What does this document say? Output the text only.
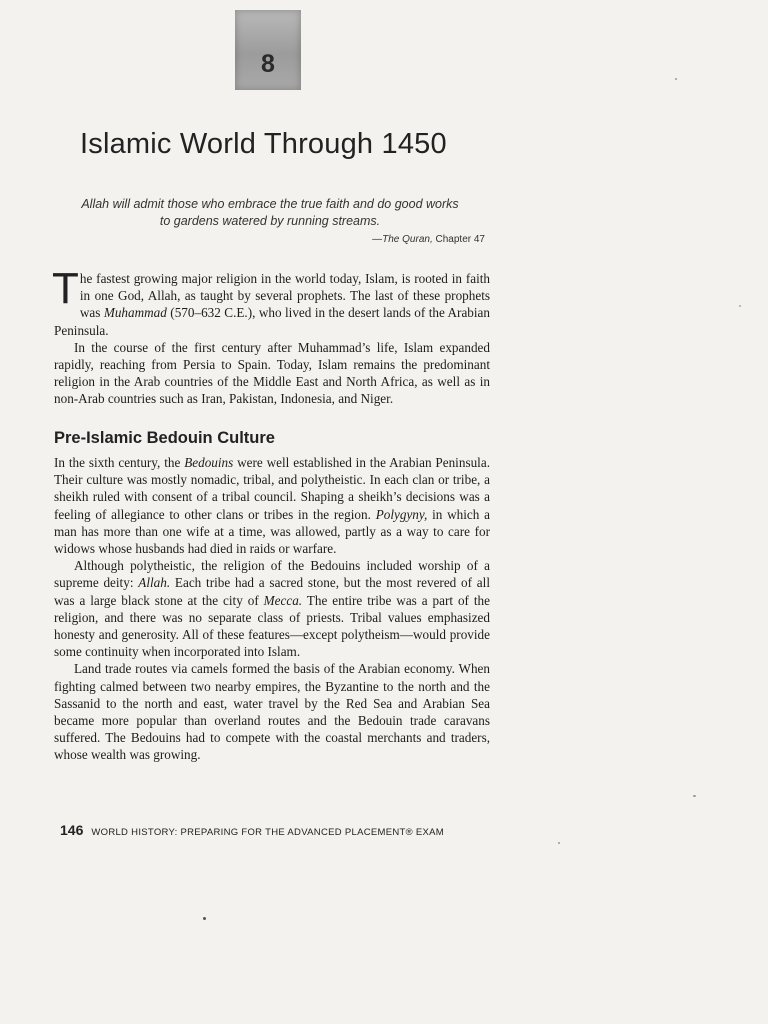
8
Islamic World Through 1450
Allah will admit those who embrace the true faith and do good works
to gardens watered by running streams.
—The Quran, Chapter 47

The fastest growing major religion in the world today, Islam, is rooted in faith in one God, Allah, as taught by several prophets. The last of these prophets was Muhammad (570–632 C.E.), who lived in the desert lands of the Arabian Peninsula.

In the course of the first century after Muhammad’s life, Islam expanded rapidly, reaching from Persia to Spain. Today, Islam remains the predominant religion in the Arab countries of the Middle East and North Africa, as well as in non-Arab countries such as Iran, Pakistan, Indonesia, and Niger.

Pre-Islamic Bedouin Culture

In the sixth century, the Bedouins were well established in the Arabian Peninsula. Their culture was mostly nomadic, tribal, and polytheistic. In each clan or tribe, a sheikh ruled with consent of a tribal council. Shaping a sheikh’s decisions was a feeling of allegiance to other clans or tribes in the region. Polygyny, in which a man has more than one wife at a time, was allowed, partly as a way to care for widows whose husbands had died in raids or warfare.

Although polytheistic, the religion of the Bedouins included worship of a supreme deity: Allah. Each tribe had a sacred stone, but the most revered of all was a large black stone at the city of Mecca. The entire tribe was a part of the religion, and there was no separate class of priests. Tribal values emphasized honesty and generosity. All of these features—except polytheism—would provide some continuity when incorporated into Islam.

Land trade routes via camels formed the basis of the Arabian economy. When fighting calmed between two nearby empires, the Byzantine to the north and the Sassanid to the north and east, water travel by the Red Sea and Arabian Sea became more popular than overland routes and the Bedouin trade caravans suffered. The Bedouins had to compete with the coastal merchants and traders, whose wealth was growing.

146 WORLD HISTORY: PREPARING FOR THE ADVANCED PLACEMENT® EXAM
